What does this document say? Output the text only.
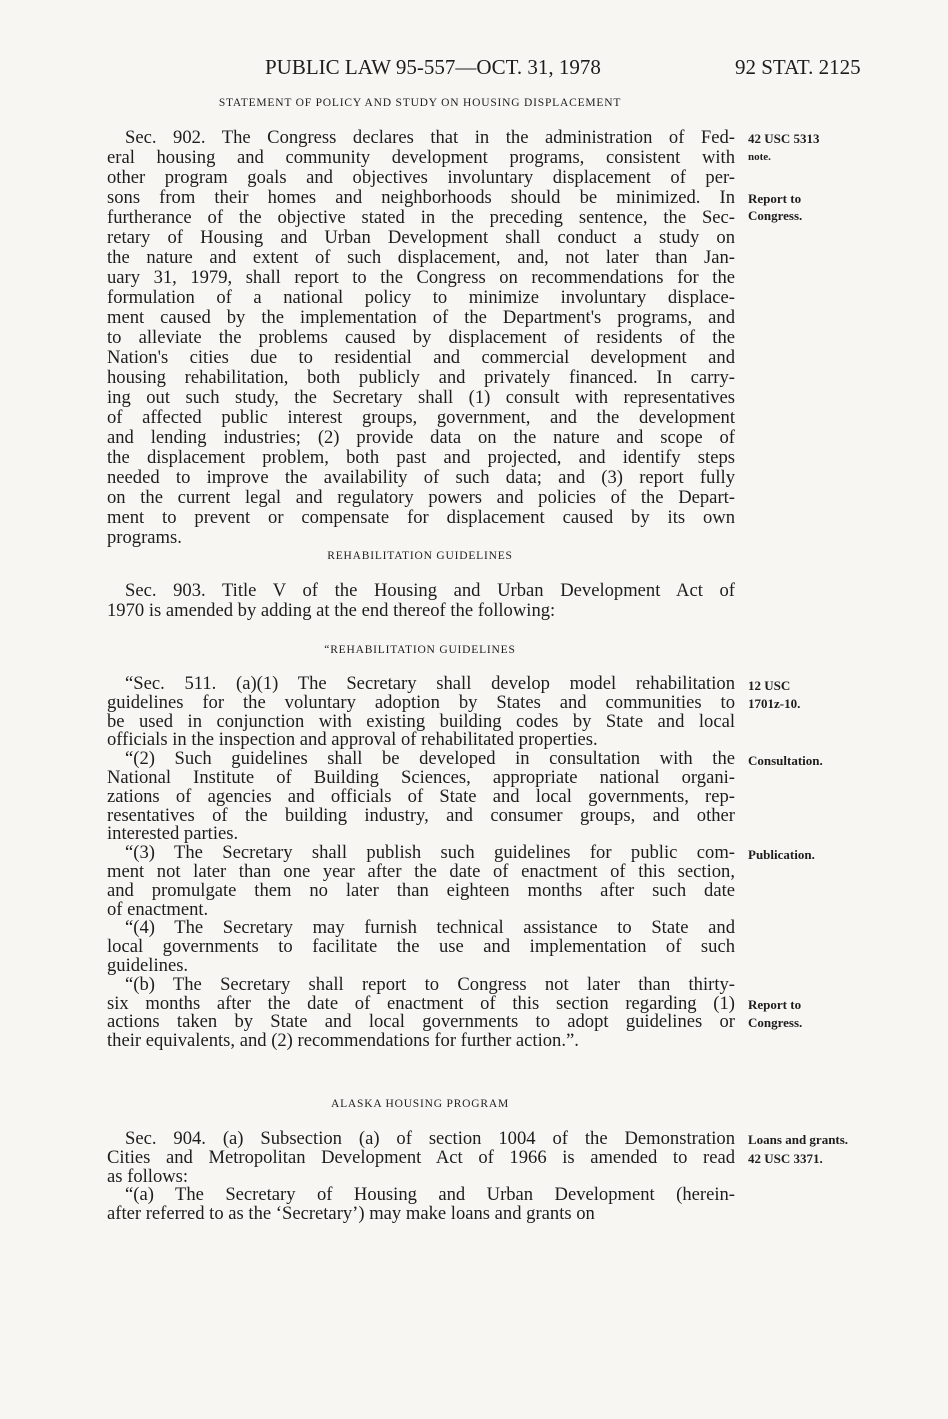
PUBLIC LAW 95-557—OCT. 31, 1978	92 STAT. 2125
STATEMENT OF POLICY AND STUDY ON HOUSING DISPLACEMENT
Sec. 902. The Congress declares that in the administration of Fed-
eral housing and community development programs, consistent with
other program goals and objectives involuntary displacement of per-
sons from their homes and neighborhoods should be minimized. In
furtherance of the objective stated in the preceding sentence, the Sec-
retary of Housing and Urban Development shall conduct a study on
the nature and extent of such displacement, and, not later than Jan-
uary 31, 1979, shall report to the Congress on recommendations for the
formulation of a national policy to minimize involuntary displace-
ment caused by the implementation of the Department's programs, and
to alleviate the problems caused by displacement of residents of the
Nation's cities due to residential and commercial development and
housing rehabilitation, both publicly and privately financed. In carry-
ing out such study, the Secretary shall (1) consult with representatives
of affected public interest groups, government, and the development
and lending industries; (2) provide data on the nature and scope of
the displacement problem, both past and projected, and identify steps
needed to improve the availability of such data; and (3) report fully
on the current legal and regulatory powers and policies of the Depart-
ment to prevent or compensate for displacement caused by its own
programs.
42 USC 5313
note.
Report to
Congress.
REHABILITATION GUIDELINES
Sec. 903. Title V of the Housing and Urban Development Act of
1970 is amended by adding at the end thereof the following:
“REHABILITATION GUIDELINES
“Sec. 511. (a)(1) The Secretary shall develop model rehabilitation
guidelines for the voluntary adoption by States and communities to
be used in conjunction with existing building codes by State and local
officials in the inspection and approval of rehabilitated properties.
“(2) Such guidelines shall be developed in consultation with the
National Institute of Building Sciences, appropriate national organi-
zations of agencies and officials of State and local governments, rep-
resentatives of the building industry, and consumer groups, and other
interested parties.
“(3) The Secretary shall publish such guidelines for public com-
ment not later than one year after the date of enactment of this section,
and promulgate them no later than eighteen months after such date
of enactment.
“(4) The Secretary may furnish technical assistance to State and
local governments to facilitate the use and implementation of such
guidelines.
“(b) The Secretary shall report to Congress not later than thirty-
six months after the date of enactment of this section regarding (1)
actions taken by State and local governments to adopt guidelines or
their equivalents, and (2) recommendations for further action.”.
12 USC
1701z-10.
Consultation.
Publication.
Report to
Congress.
ALASKA HOUSING PROGRAM
Sec. 904. (a) Subsection (a) of section 1004 of the Demonstration
Cities and Metropolitan Development Act of 1966 is amended to read
as follows:
“(a) The Secretary of Housing and Urban Development (herein-
after referred to as the ‘Secretary’) may make loans and grants on
Loans and grants.
42 USC 3371.
